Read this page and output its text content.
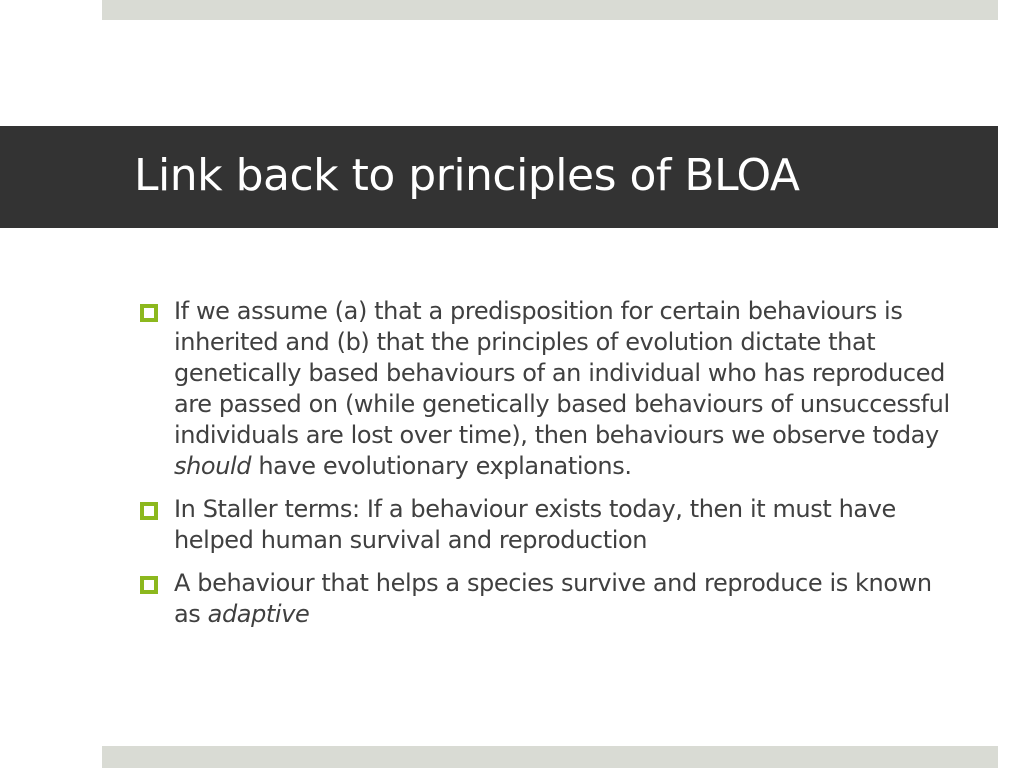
Link back to principles of BLOA
If we assume (a) that a predisposition for certain behaviours is inherited and (b) that the principles of evolution dictate that genetically based behaviours of an individual who has reproduced are passed on (while genetically based behaviours of unsuccessful individuals are lost over time), then behaviours we observe today should have evolutionary explanations.
In Staller terms: If a behaviour exists today, then it must have helped human survival and reproduction
A behaviour that helps a species survive and reproduce is known as adaptive
